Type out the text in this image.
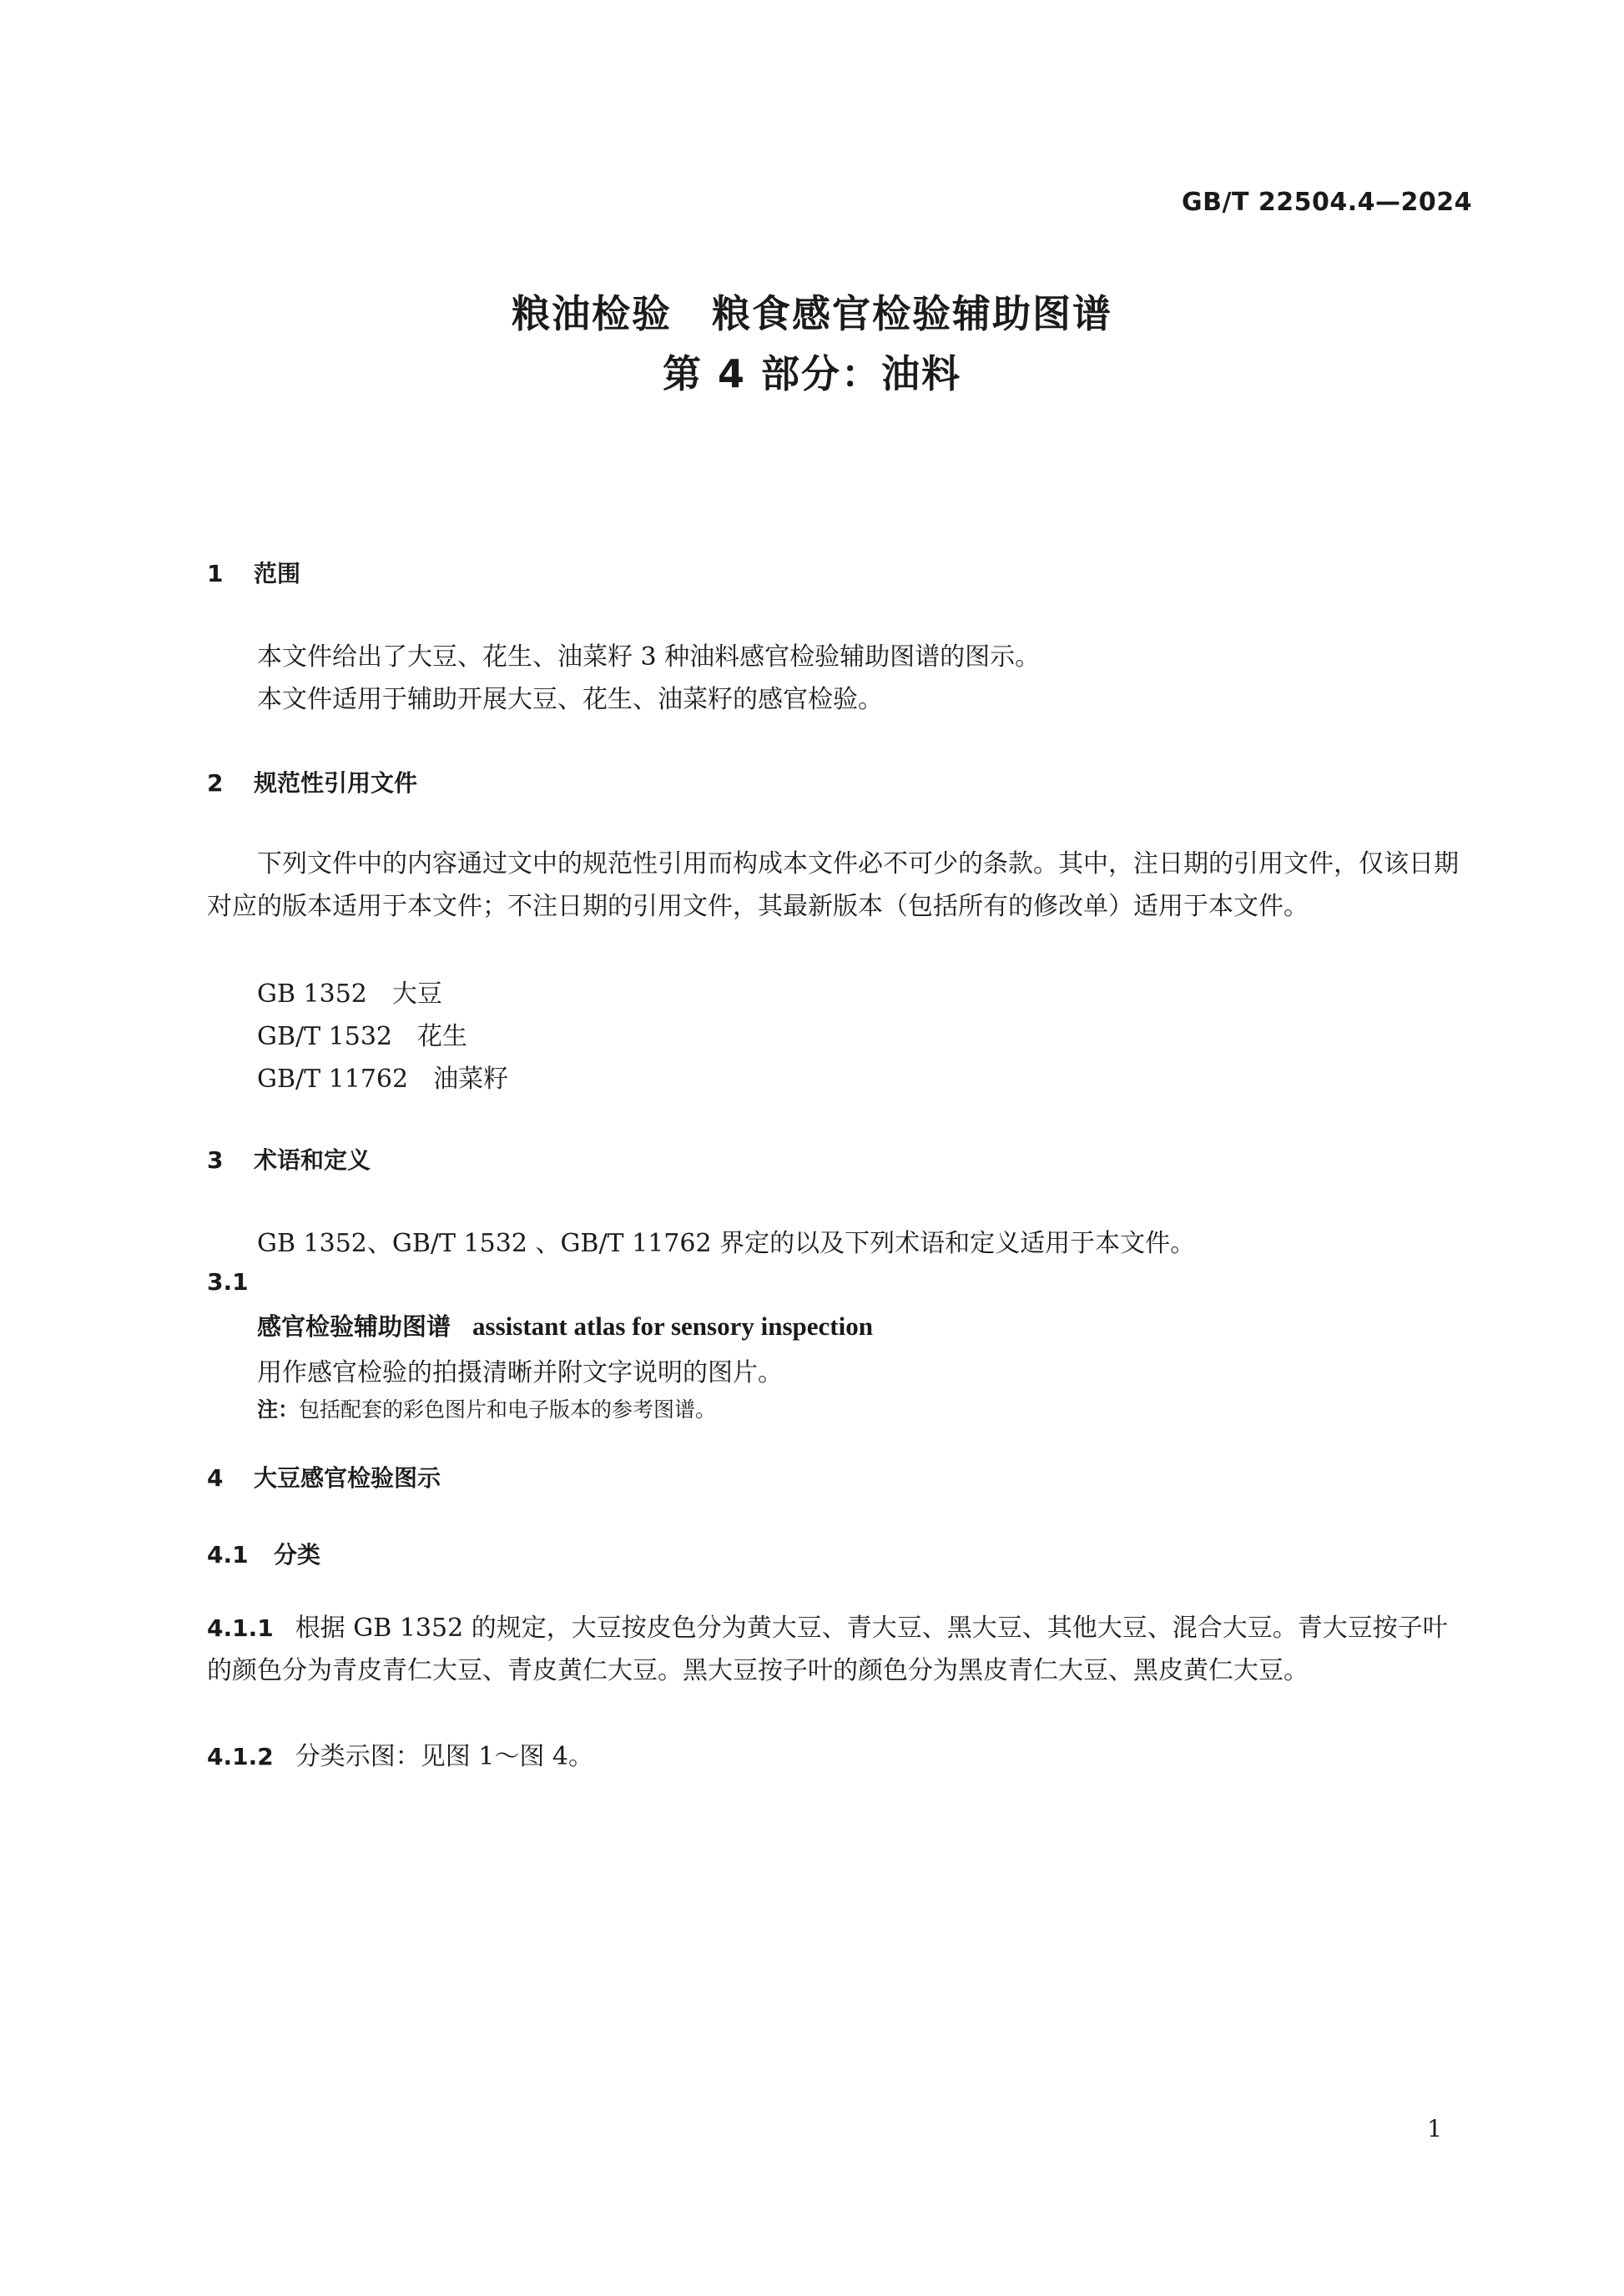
GB/T 22504.4—2024
粮油检验　粮食感官检验辅助图谱
第 4 部分：油料
1 范围
本文件给出了大豆、花生、油菜籽 3 种油料感官检验辅助图谱的图示。
本文件适用于辅助开展大豆、花生、油菜籽的感官检验。
2 规范性引用文件
下列文件中的内容通过文中的规范性引用而构成本文件必不可少的条款。其中，注日期的引用文件，仅该日期对应的版本适用于本文件；不注日期的引用文件，其最新版本（包括所有的修改单）适用于本文件。
GB 1352　大豆
GB/T 1532　花生
GB/T 11762　油菜籽
3 术语和定义
GB 1352、GB/T 1532 、GB/T 11762 界定的以及下列术语和定义适用于本文件。
3.1
感官检验辅助图谱 assistant atlas for sensory inspection
用作感官检验的拍摄清晰并附文字说明的图片。
注：包括配套的彩色图片和电子版本的参考图谱。
4 大豆感官检验图示
4.1 分类
4.1.1 根据 GB 1352 的规定，大豆按皮色分为黄大豆、青大豆、黑大豆、其他大豆、混合大豆。青大豆按子叶的颜色分为青皮青仁大豆、青皮黄仁大豆。黑大豆按子叶的颜色分为黑皮青仁大豆、黑皮黄仁大豆。
4.1.2 分类示图：见图 1～图 4。
1
